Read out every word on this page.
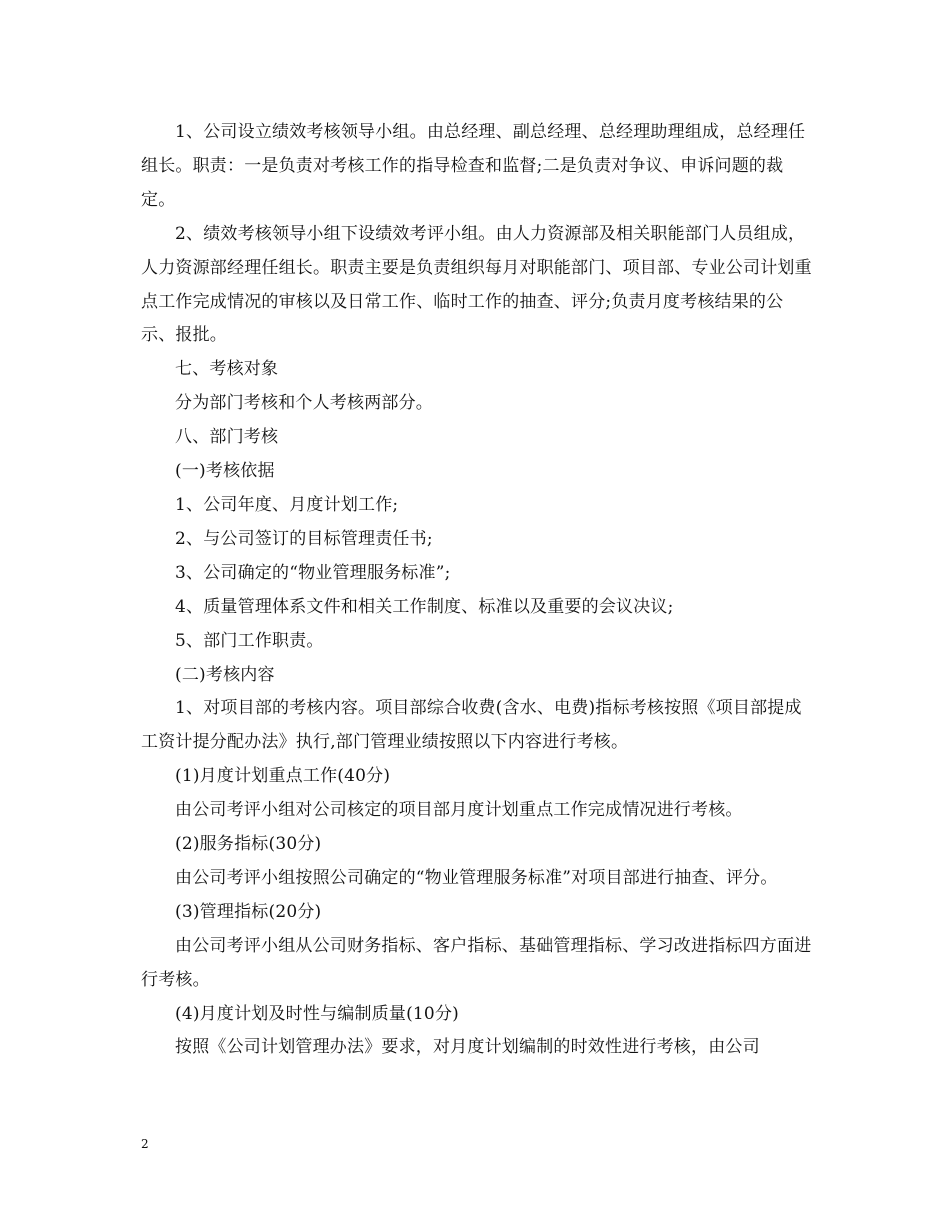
1、公司设立绩效考核领导小组。由总经理、副总经理、总经理助理组成，总经理任组长。职责：一是负责对考核工作的指导检查和监督;二是负责对争议、申诉问题的裁定。

2、绩效考核领导小组下设绩效考评小组。由人力资源部及相关职能部门人员组成，人力资源部经理任组长。职责主要是负责组织每月对职能部门、项目部、专业公司计划重点工作完成情况的审核以及日常工作、临时工作的抽查、评分;负责月度考核结果的公示、报批。

七、考核对象

分为部门考核和个人考核两部分。

八、部门考核

(一)考核依据

1、公司年度、月度计划工作;

2、与公司签订的目标管理责任书;

3、公司确定的“物业管理服务标准”;

4、质量管理体系文件和相关工作制度、标准以及重要的会议决议;

5、部门工作职责。

(二)考核内容

1、对项目部的考核内容。项目部综合收费(含水、电费)指标考核按照《项目部提成工资计提分配办法》执行,部门管理业绩按照以下内容进行考核。

(1)月度计划重点工作(40分)

由公司考评小组对公司核定的项目部月度计划重点工作完成情况进行考核。

(2)服务指标(30分)

由公司考评小组按照公司确定的“物业管理服务标准”对项目部进行抽查、评分。

(3)管理指标(20分)

由公司考评小组从公司财务指标、客户指标、基础管理指标、学习改进指标四方面进行考核。

(4)月度计划及时性与编制质量(10分)

按照《公司计划管理办法》要求，对月度计划编制的时效性进行考核，由公司

2
